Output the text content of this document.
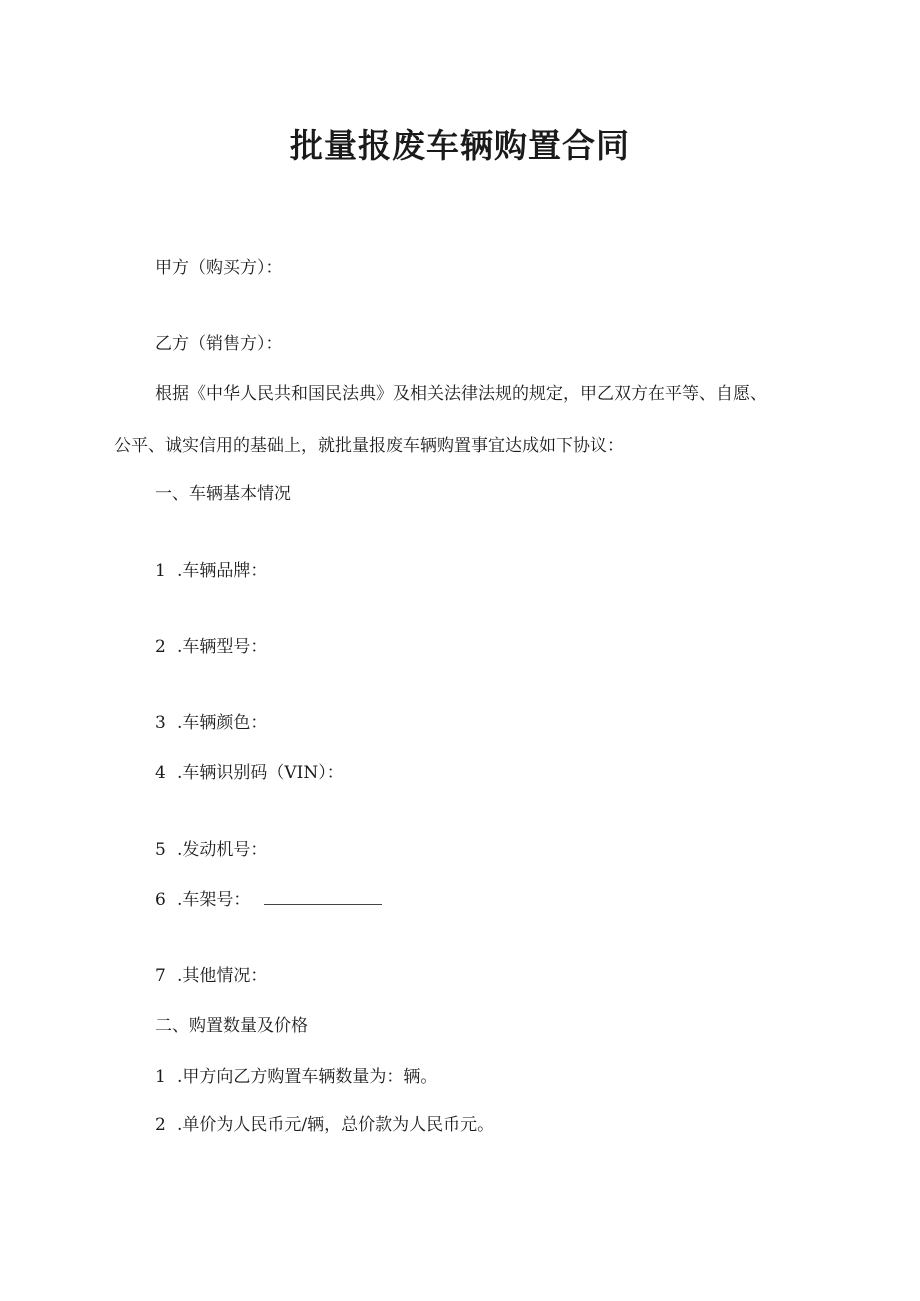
批量报废车辆购置合同

甲方（购买方）：

乙方（销售方）：

根据《中华人民共和国民法典》及相关法律法规的规定，甲乙双方在平等、自愿、

公平、诚实信用的基础上，就批量报废车辆购置事宜达成如下协议：

一、车辆基本情况

1 .车辆品牌：

2 .车辆型号：

3 .车辆颜色：

4 .车辆识别码（VIN）：

5 .发动机号：

6 .车架号：

7 .其他情况：

二、购置数量及价格

1 .甲方向乙方购置车辆数量为：辆。

2 .单价为人民币元/辆，总价款为人民币元。
